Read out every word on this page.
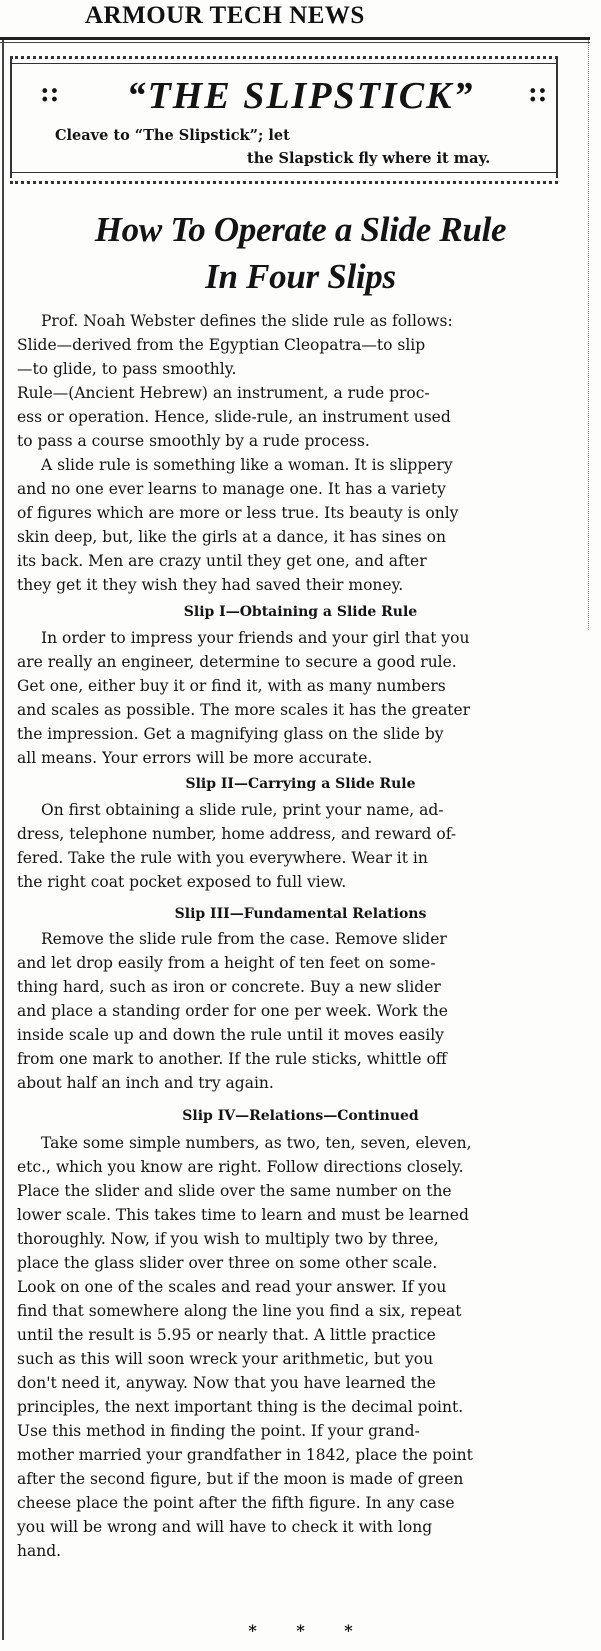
ARMOUR TECH NEWS
::	::
“THE SLIPSTICK”
Cleave to “The Slipstick”; let
the Slapstick fly where it may.
How To Operate a Slide Rule
In Four Slips
Prof. Noah Webster defines the slide rule as follows:
Slide—derived from the Egyptian Cleopatra—to slip
—to glide, to pass smoothly.
Rule—(Ancient Hebrew) an instrument, a rude proc-
ess or operation. Hence, slide-rule, an instrument used
to pass a course smoothly by a rude process.
A slide rule is something like a woman. It is slippery
and no one ever learns to manage one. It has a variety
of figures which are more or less true. Its beauty is only
skin deep, but, like the girls at a dance, it has sines on
its back. Men are crazy until they get one, and after
they get it they wish they had saved their money.
Slip I—Obtaining a Slide Rule
In order to impress your friends and your girl that you
are really an engineer, determine to secure a good rule.
Get one, either buy it or find it, with as many numbers
and scales as possible. The more scales it has the greater
the impression. Get a magnifying glass on the slide by
all means. Your errors will be more accurate.
Slip II—Carrying a Slide Rule
On first obtaining a slide rule, print your name, ad-
dress, telephone number, home address, and reward of-
fered. Take the rule with you everywhere. Wear it in
the right coat pocket exposed to full view.
Slip III—Fundamental Relations
Remove the slide rule from the case. Remove slider
and let drop easily from a height of ten feet on some-
thing hard, such as iron or concrete. Buy a new slider
and place a standing order for one per week. Work the
inside scale up and down the rule until it moves easily
from one mark to another. If the rule sticks, whittle off
about half an inch and try again.
Slip IV—Relations—Continued
Take some simple numbers, as two, ten, seven, eleven,
etc., which you know are right. Follow directions closely.
Place the slider and slide over the same number on the
lower scale. This takes time to learn and must be learned
thoroughly. Now, if you wish to multiply two by three,
place the glass slider over three on some other scale.
Look on one of the scales and read your answer. If you
find that somewhere along the line you find a six, repeat
until the result is 5.95 or nearly that. A little practice
such as this will soon wreck your arithmetic, but you
don't need it, anyway. Now that you have learned the
principles, the next important thing is the decimal point.
Use this method in finding the point. If your grand-
mother married your grandfather in 1842, place the point
after the second figure, but if the moon is made of green
cheese place the point after the fifth figure. In any case
you will be wrong and will have to check it with long
hand.
* * *
